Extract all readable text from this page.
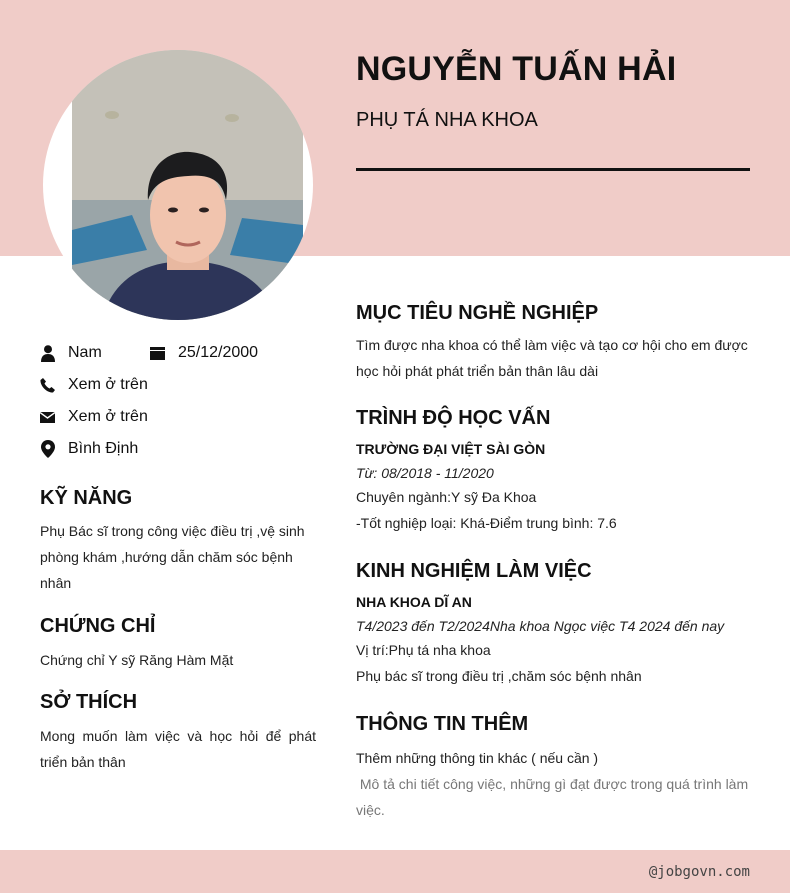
NGUYỄN TUẤN HẢI
PHỤ TÁ NHA KHOA
Nam	25/12/2000
Xem ở trên
Xem ở trên
Bình Định
KỸ NĂNG
Phụ Bác sĩ trong công việc điều trị ,vệ sinh phòng khám ,hướng dẫn chăm sóc bệnh nhân
CHỨNG CHỈ
Chứng chỉ Y sỹ Răng Hàm Mặt
SỞ THÍCH
Mong muốn làm việc và học hỏi để phát triển bản thân
MỤC TIÊU NGHỀ NGHIỆP
Tìm được nha khoa có thể làm việc và tạo cơ hội cho em được học hỏi phát phát triển bản thân lâu dài
TRÌNH ĐỘ HỌC VẤN
TRƯỜNG ĐẠI VIỆT SÀI GÒN
Từ: 08/2018 - 11/2020
Chuyên ngành:Y sỹ Đa Khoa
-Tốt nghiệp loại: Khá-Điểm trung bình: 7.6
KINH NGHIỆM LÀM VIỆC
NHA KHOA DĨ AN
T4/2023 đến T2/2024Nha khoa Ngọc việc T4 2024 đến nay
Vị trí:Phụ tá nha khoa
Phụ bác sĩ trong điều trị ,chăm sóc bệnh nhân
THÔNG TIN THÊM
Thêm những thông tin khác ( nếu cần )
Mô tả chi tiết công việc, những gì đạt được trong quá trình làm việc.
@jobgovn.com
